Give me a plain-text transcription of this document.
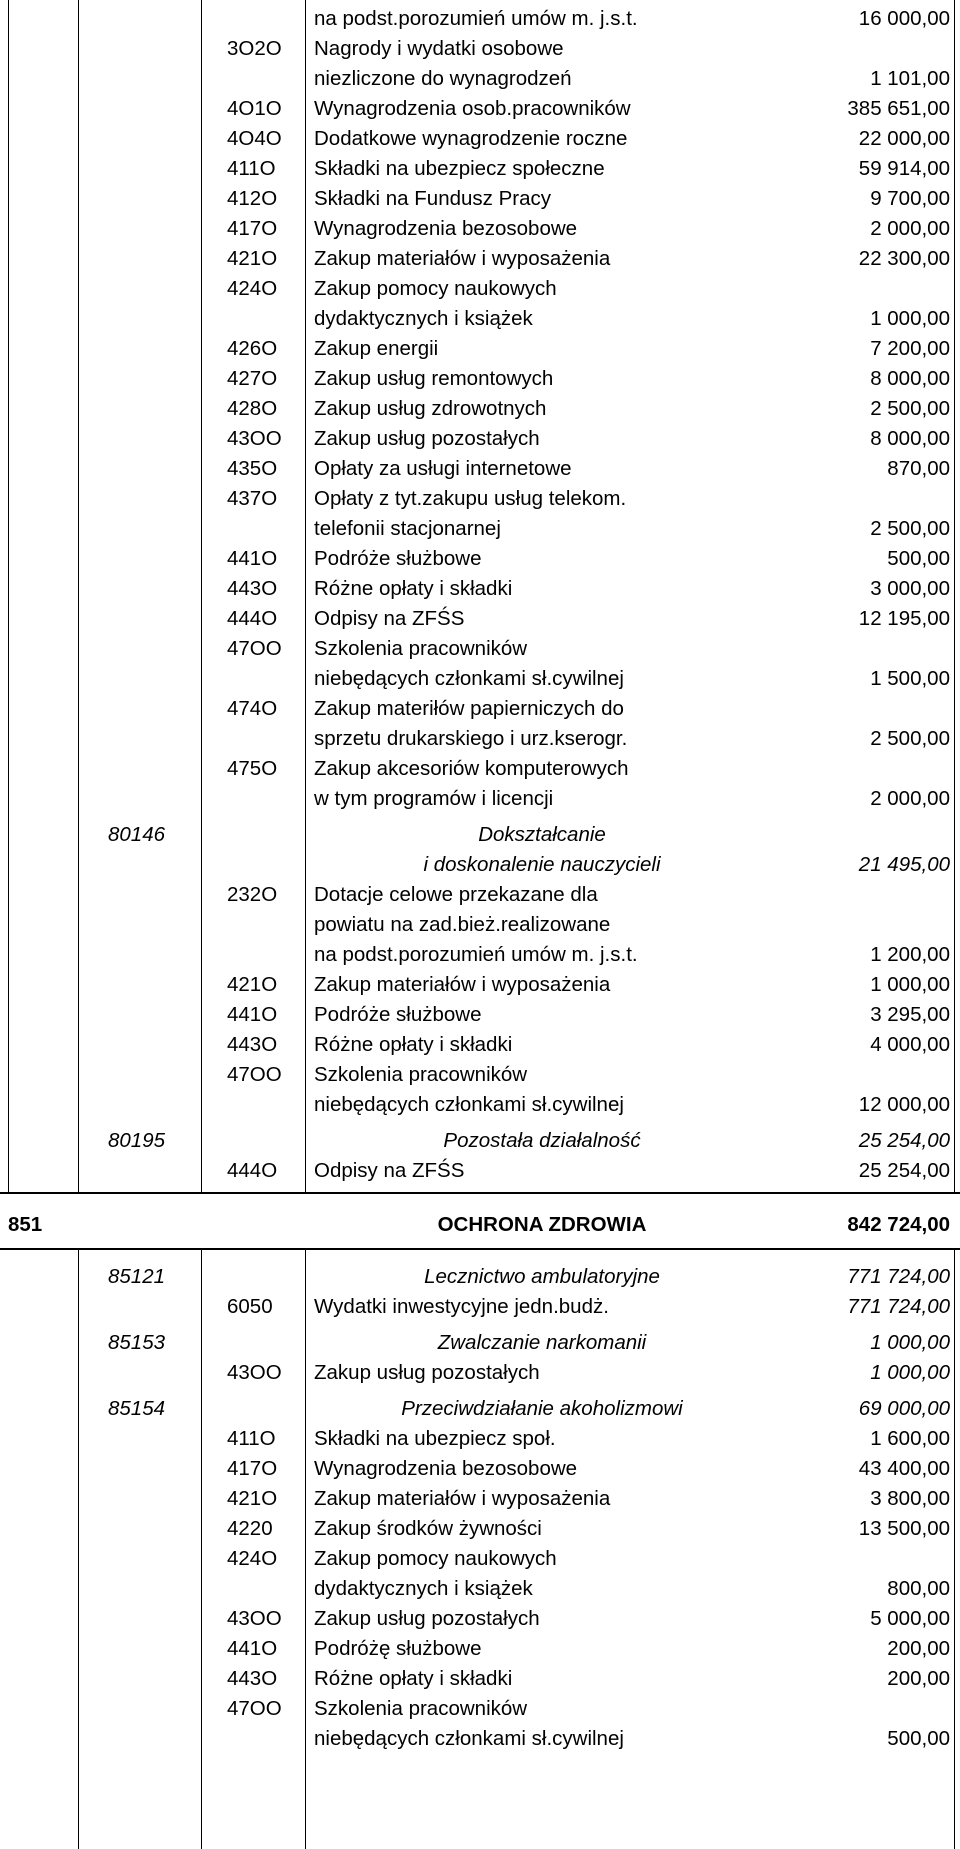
na podst.porozumień umów m. j.s.t.	16 000,00
3O2O	Nagrody i wydatki osobowe
niezliczone do wynagrodzeń	1 101,00
4O1O	Wynagrodzenia osob.pracowników	385 651,00
4O4O	Dodatkowe wynagrodzenie roczne	22 000,00
411O	Składki na ubezpiecz społeczne	59 914,00
412O	Składki na Fundusz Pracy	9 700,00
417O	Wynagrodzenia bezosobowe	2 000,00
421O	Zakup materiałów i wyposażenia	22 300,00
424O	Zakup pomocy naukowych
dydaktycznych i książek	1 000,00
426O	Zakup energii	7 200,00
427O	Zakup usług remontowych	8 000,00
428O	Zakup usług zdrowotnych	2 500,00
43OO	Zakup usług pozostałych	8 000,00
435O	Opłaty za usługi internetowe	870,00
437O	Opłaty z tyt.zakupu usług telekom.
telefonii stacjonarnej	2 500,00
441O	Podróże służbowe	500,00
443O	Różne opłaty i składki	3 000,00
444O	Odpisy na ZFŚS	12 195,00
47OO	Szkolenia pracowników
niebędących członkami sł.cywilnej	1 500,00
474O	Zakup materiłów papierniczych do
sprzetu drukarskiego i urz.kserogr.	2 500,00
475O	Zakup akcesoriów komputerowych
w tym programów i licencji	2 000,00
80146	Dokształcanie
i doskonalenie nauczycieli	21 495,00
232O	Dotacje celowe przekazane dla
powiatu na zad.bież.realizowane
na podst.porozumień umów m. j.s.t.	1 200,00
421O	Zakup materiałów i wyposażenia	1 000,00
441O	Podróże służbowe	3 295,00
443O	Różne opłaty i składki	4 000,00
47OO	Szkolenia pracowników
niebędących członkami sł.cywilnej	12 000,00
80195	Pozostała działalność	25 254,00
444O	Odpisy na ZFŚS	25 254,00
851	OCHRONA ZDROWIA	842 724,00
85121	Lecznictwo ambulatoryjne	771 724,00
6050	Wydatki inwestycyjne jedn.budż.	771 724,00
85153	Zwalczanie narkomanii	1 000,00
43OO	Zakup usług pozostałych	1 000,00
85154	Przeciwdziałanie akoholizmowi	69 000,00
411O	Składki na ubezpiecz społ.	1 600,00
417O	Wynagrodzenia bezosobowe	43 400,00
421O	Zakup materiałów i wyposażenia	3 800,00
4220	Zakup środków żywności	13 500,00
424O	Zakup pomocy naukowych
dydaktycznych i książek	800,00
43OO	Zakup usług pozostałych	5 000,00
441O	Podróżę służbowe	200,00
443O	Różne opłaty i składki	200,00
47OO	Szkolenia pracowników
niebędących członkami sł.cywilnej	500,00
